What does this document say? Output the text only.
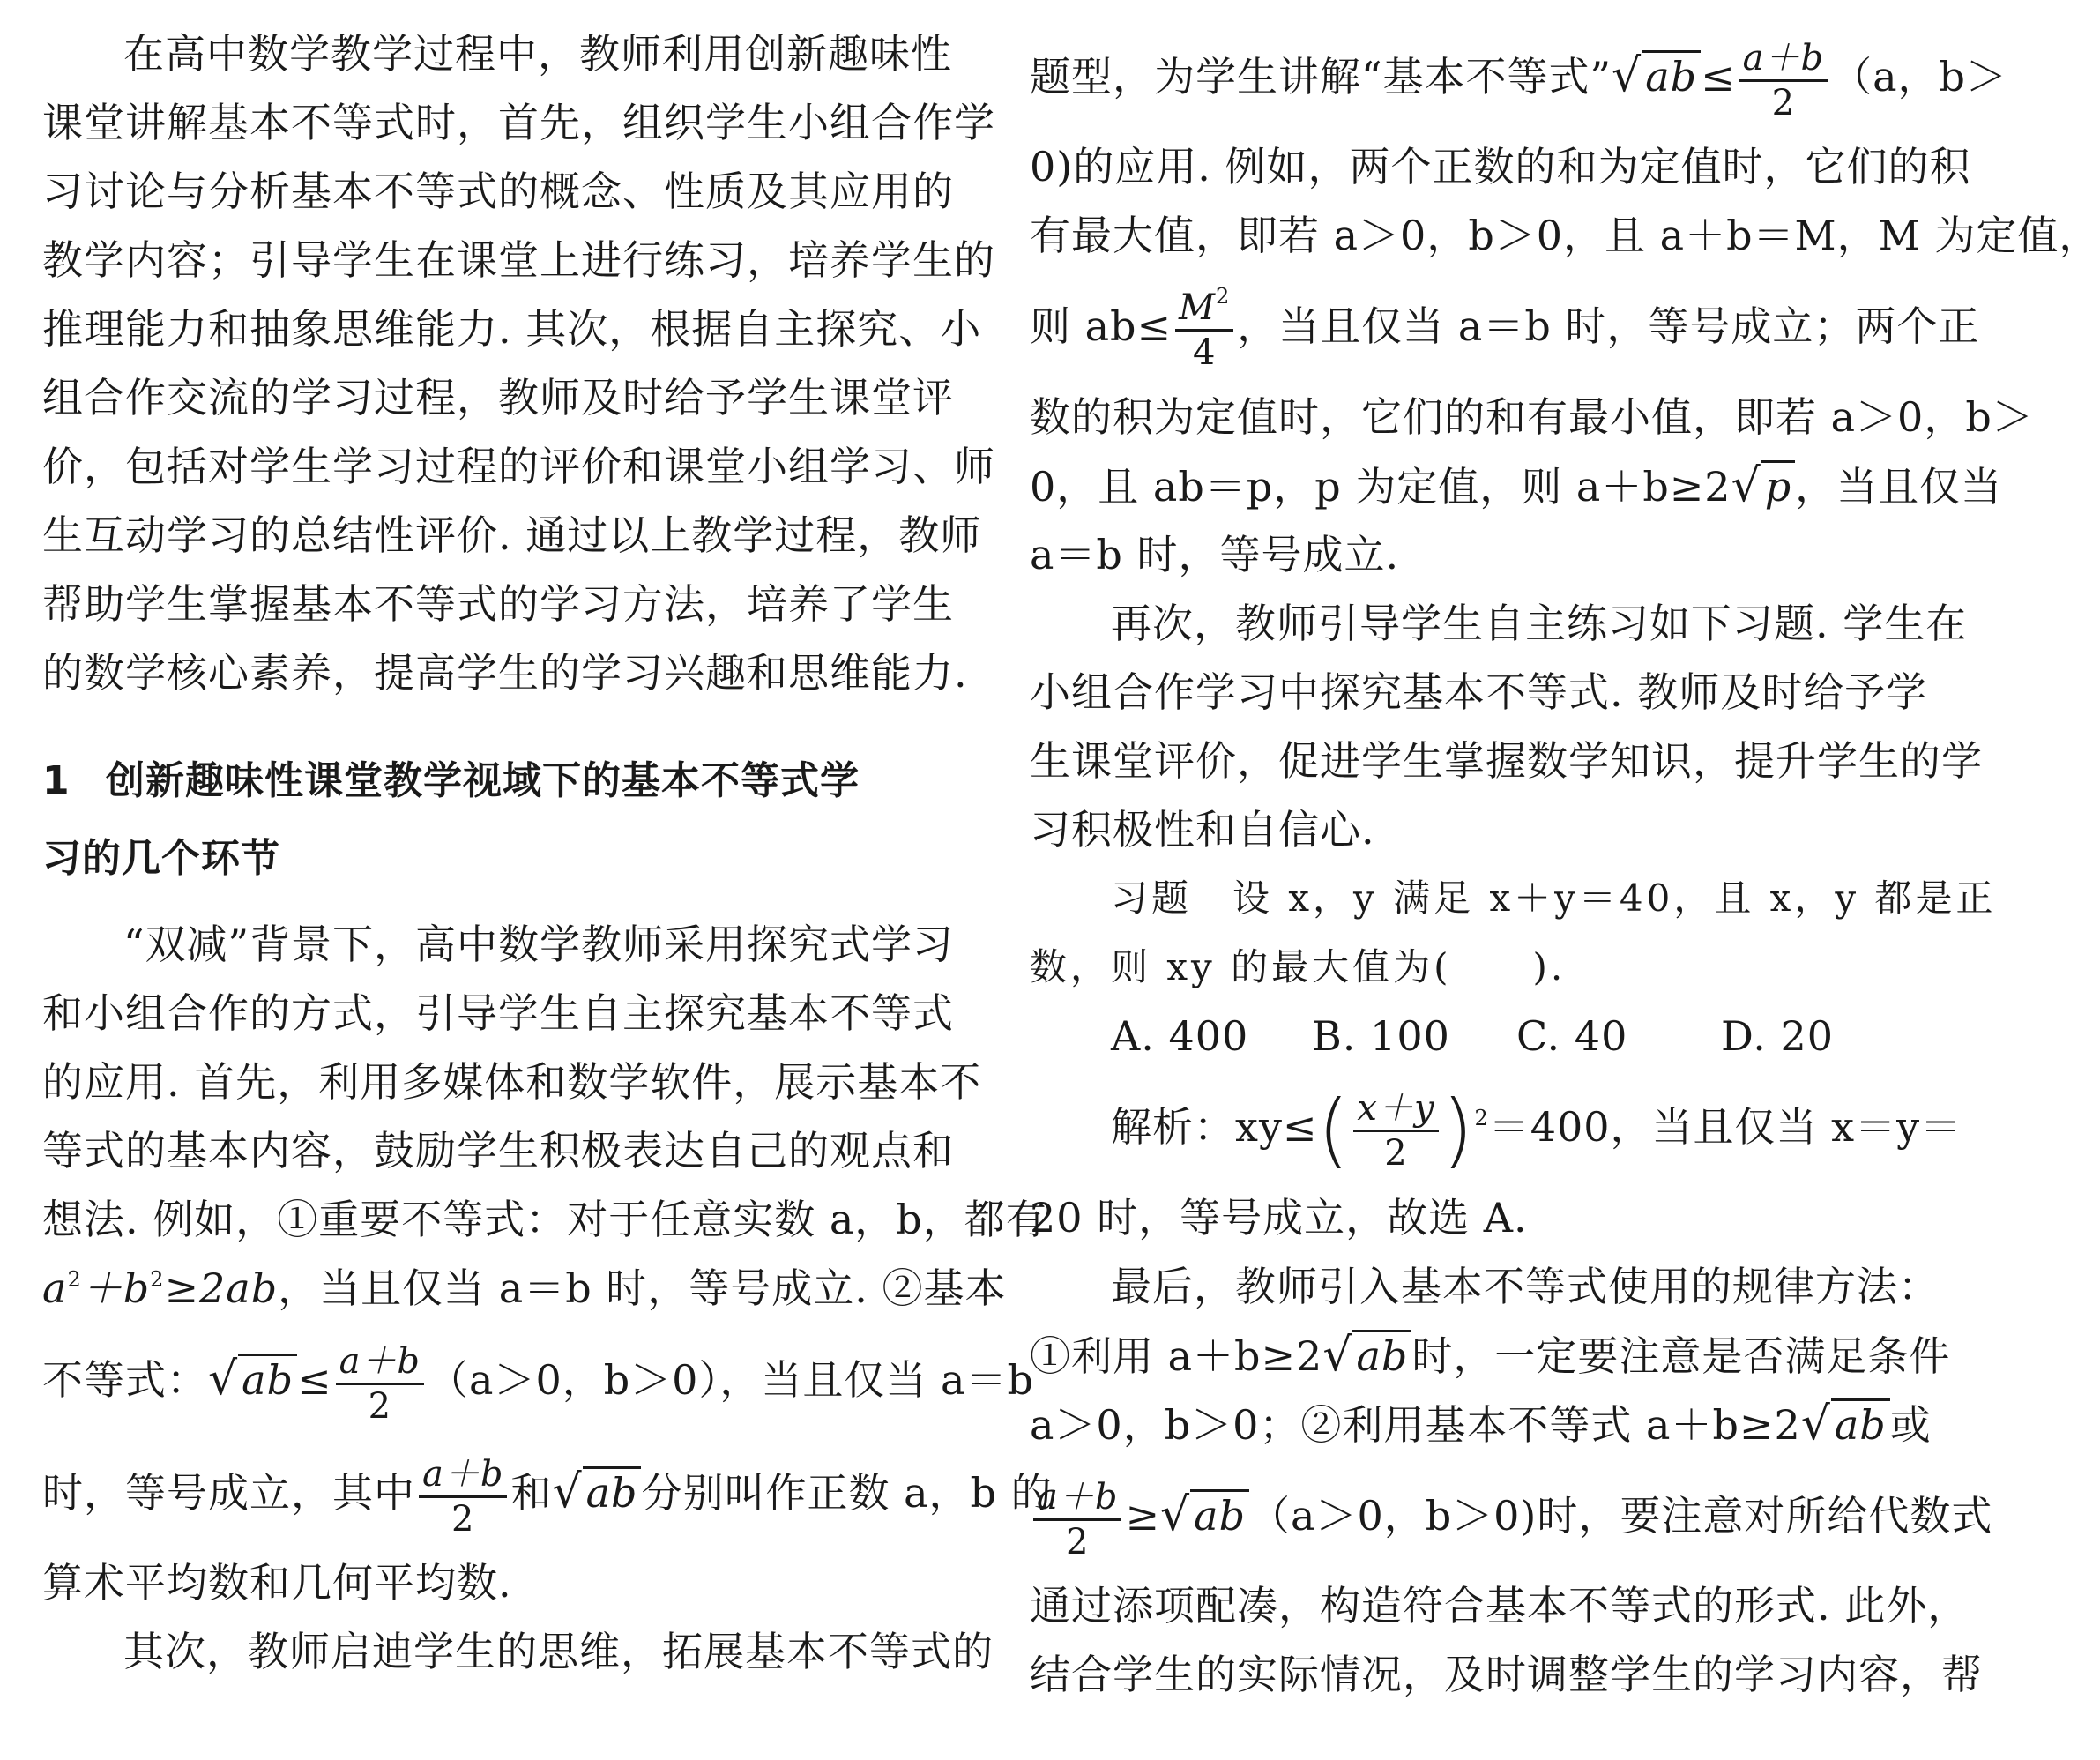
在高中数学教学过程中，教师利用创新趣味性
课堂讲解基本不等式时，首先，组织学生小组合作学
习讨论与分析基本不等式的概念、性质及其应用的
教学内容；引导学生在课堂上进行练习，培养学生的
推理能力和抽象思维能力. 其次，根据自主探究、小
组合作交流的学习过程，教师及时给予学生课堂评
价，包括对学生学习过程的评价和课堂小组学习、师
生互动学习的总结性评价. 通过以上教学过程，教师
帮助学生掌握基本不等式的学习方法，培养了学生
的数学核心素养，提高学生的学习兴趣和思维能力.
1 创新趣味性课堂教学视域下的基本不等式学
习的几个环节
“双减”背景下，高中数学教师采用探究式学习
和小组合作的方式，引导学生自主探究基本不等式
的应用. 首先，利用多媒体和数学软件，展示基本不
等式的基本内容，鼓励学生积极表达自己的观点和
想法. 例如，①重要不等式：对于任意实数 a，b，都有
$a^2+b^2\ge 2ab$，当且仅当 a＝b 时，等号成立. ②基本
不等式：$√ab\le \frac{a+b}{2} (a>0$，b＞0），当且仅当 a＝b
时，等号成立，其中 $\frac{a+b}{2}$ 和√ab分别叫作正数 a，b 的
算术平均数和几何平均数.
其次，教师启迪学生的思维，拓展基本不等式的
题型，为学生讲解“基本不等式”√ab≤ $\frac{a+b}{2} (a$，b＞
0)的应用. 例如，两个正数的和为定值时，它们的积
有最大值，即若 a＞0，b＞0，且 a＋b＝M，M 为定值，
则 $ab\le \frac{M^2}{4}$ ，当且仅当 a＝b 时，等号成立；两个正
数的积为定值时，它们的和有最小值，即若 a＞0，b＞
0，且 ab＝p，p 为定值，则 a＋b≥2√p，当且仅当
a＝b 时，等号成立.
再次，教师引导学生自主练习如下习题. 学生在
小组合作学习中探究基本不等式. 教师及时给予学
生课堂评价，促进学生掌握数学知识，提升学生的学
习积极性和自信心.
习题　设 x，y 满足 x＋y＝40，且 x，y 都是正
数，则 xy 的最大值为(　　).
A. 400	B. 100	C. 40	D. 20
解析：$xy\le( \frac{x+y}{2} )^2=400$，当且仅当 x＝y＝
20 时，等号成立，故选 A.
最后，教师引入基本不等式使用的规律方法：
①利用 a＋b≥2√ab时，一定要注意是否满足条件
a＞0，b＞0；②利用基本不等式 a＋b≥2√ab或
$\frac{a+b}{2} \ge√ab(a>0$，b＞0)时，要注意对所给代数式
通过添项配凑，构造符合基本不等式的形式. 此外，
结合学生的实际情况，及时调整学生的学习内容，帮
